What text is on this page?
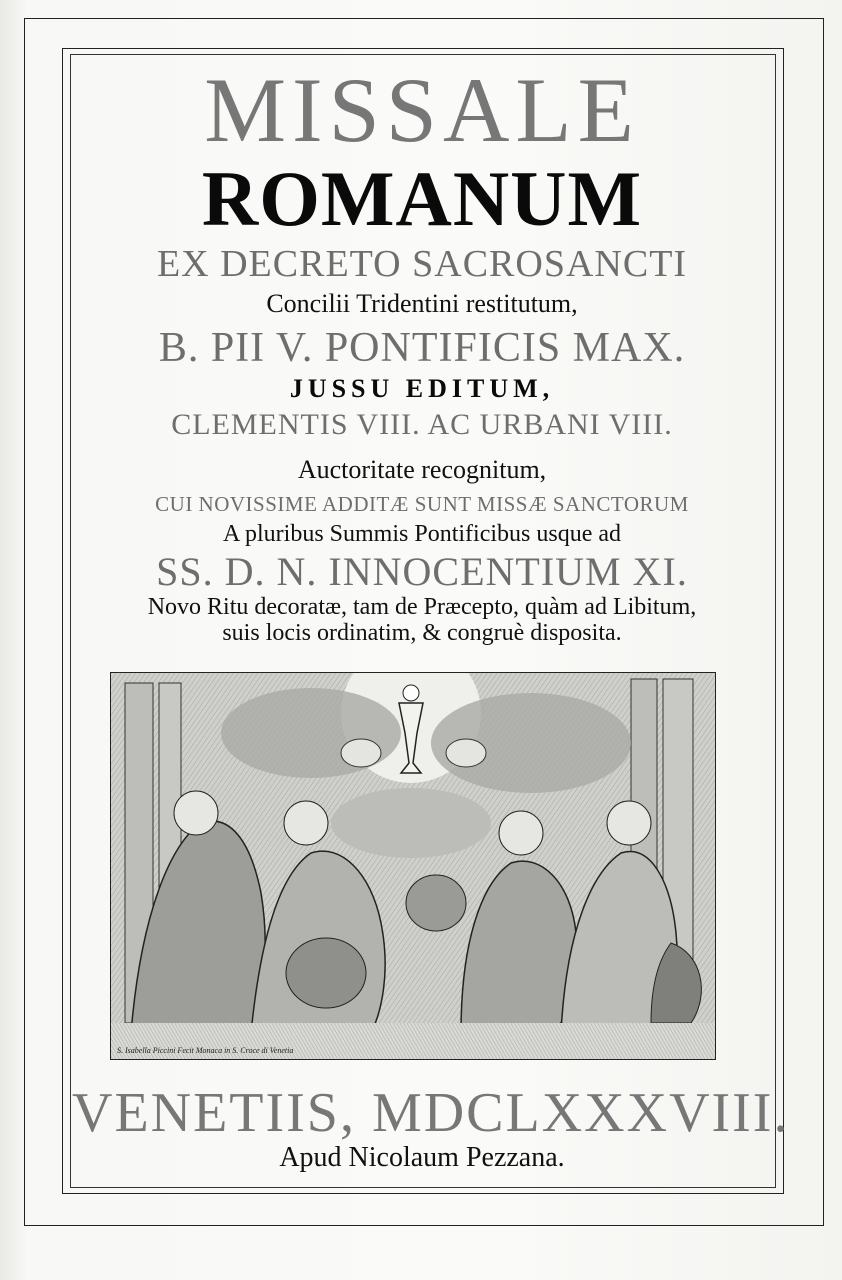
MISSALE
ROMANUM
EX DECRETO SACROSANCTI
Concilii Tridentini restitutum,
B. PII V. PONTIFICIS MAX.
JUSSU EDITUM,
CLEMENTIS VIII. AC URBANI VIII.
Auctoritate recognitum,
CUI NOVISSIME ADDITÆ SUNT MISSÆ SANCTORUM
A pluribus Summis Pontificibus usque ad
SS. D. N. INNOCENTIUM XI.
Novo Ritu decoratæ, tam de Præcepto, quàm ad Libitum,
suis locis ordinatim, & congruè disposita.
S. Isabella Piccini Fecit Monaca in S. Croce di Venetia
VENETIIS, MDCLXXXVIII.
Apud Nicolaum Pezzana.
